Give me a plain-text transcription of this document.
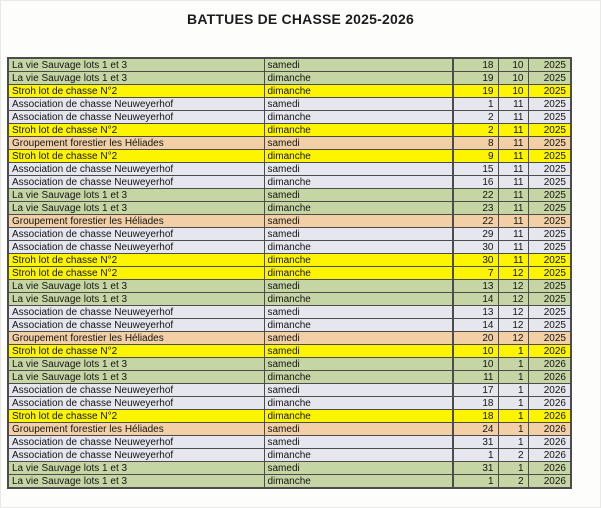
BATTUES DE CHASSE 2025-2026
La vie Sauvage lots 1 et 3	samedi	18	10	2025
La vie Sauvage lots 1 et 3	dimanche	19	10	2025
Stroh lot de chasse N°2	dimanche	19	10	2025
Association de chasse Neuweyerhof	samedi	1	11	2025
Association de chasse Neuweyerhof	dimanche	2	11	2025
Stroh lot de chasse N°2	dimanche	2	11	2025
Groupement forestier les Héliades	samedi	8	11	2025
Stroh lot de chasse N°2	dimanche	9	11	2025
Association de chasse Neuweyerhof	samedi	15	11	2025
Association de chasse Neuweyerhof	dimanche	16	11	2025
La vie Sauvage lots 1 et 3	samedi	22	11	2025
La vie Sauvage lots 1 et 3	dimanche	23	11	2025
Groupement forestier les Héliades	samedi	22	11	2025
Association de chasse Neuweyerhof	samedi	29	11	2025
Association de chasse Neuweyerhof	dimanche	30	11	2025
Stroh lot de chasse N°2	dimanche	30	11	2025
Stroh lot de chasse N°2	dimanche	7	12	2025
La vie Sauvage lots 1 et 3	samedi	13	12	2025
La vie Sauvage lots 1 et 3	dimanche	14	12	2025
Association de chasse Neuweyerhof	samedi	13	12	2025
Association de chasse Neuweyerhof	dimanche	14	12	2025
Groupement forestier les Héliades	samedi	20	12	2025
Stroh lot de chasse N°2	samedi	10	1	2026
La vie Sauvage lots 1 et 3	samedi	10	1	2026
La vie Sauvage lots 1 et 3	dimanche	11	1	2026
Association de chasse Neuweyerhof	samedi	17	1	2026
Association de chasse Neuweyerhof	dimanche	18	1	2026
Stroh lot de chasse N°2	dimanche	18	1	2026
Groupement forestier les Héliades	samedi	24	1	2026
Association de chasse Neuweyerhof	samedi	31	1	2026
Association de chasse Neuweyerhof	dimanche	1	2	2026
La vie Sauvage lots 1 et 3	samedi	31	1	2026
La vie Sauvage lots 1 et 3	dimanche	1	2	2026
